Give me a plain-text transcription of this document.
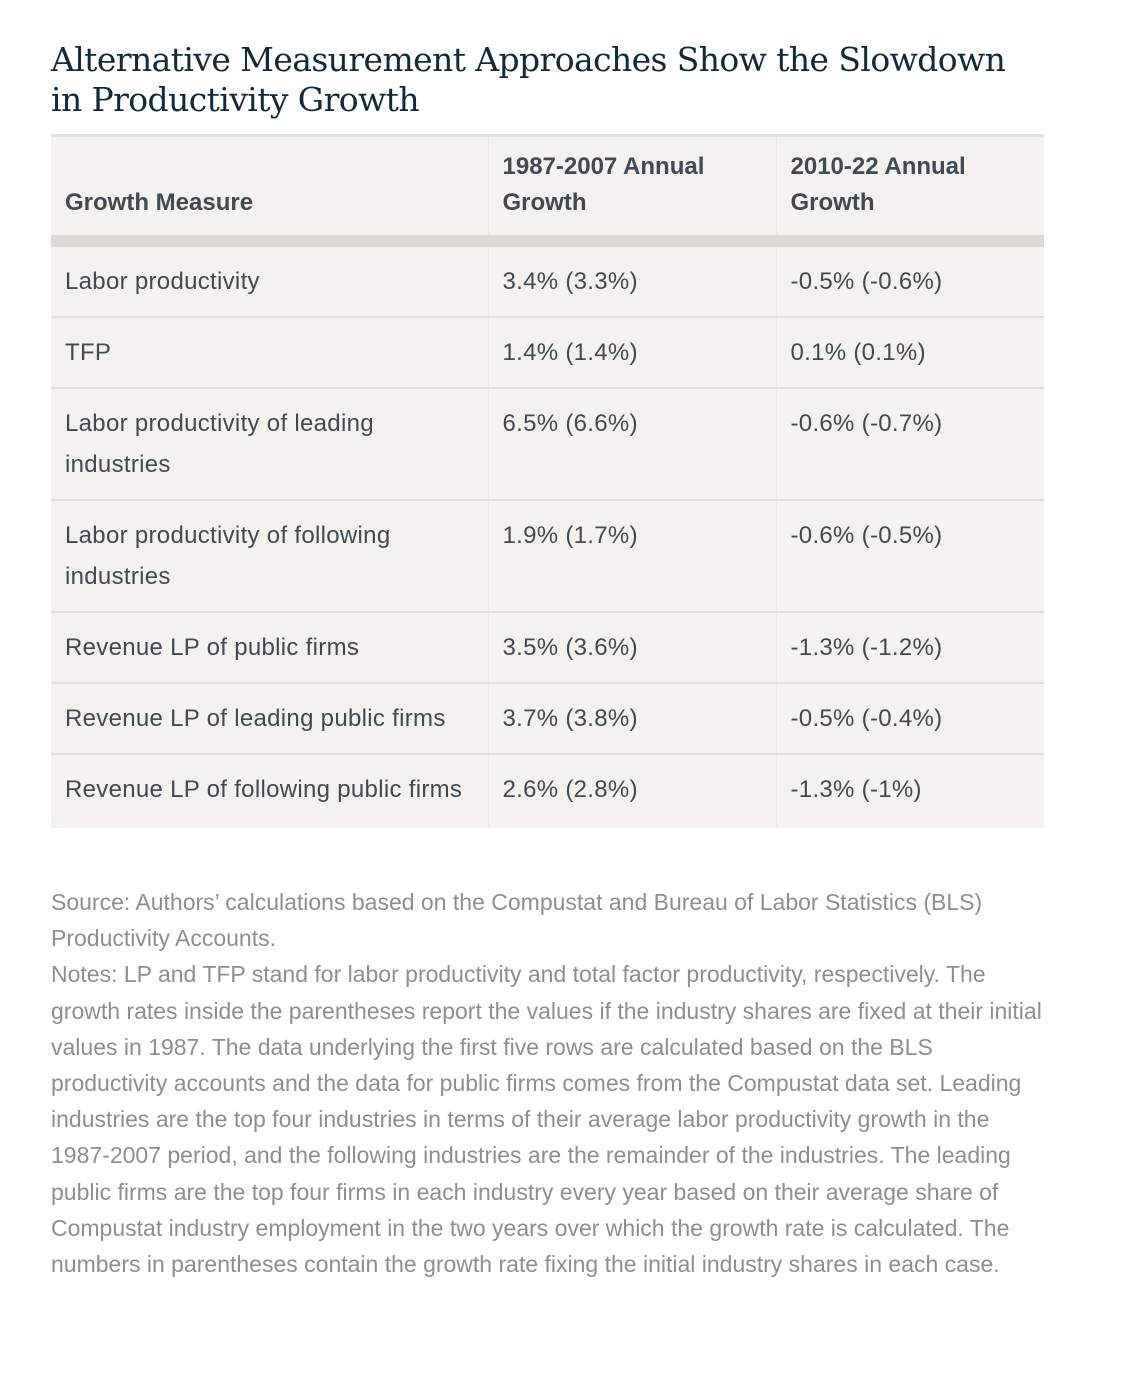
Alternative Measurement Approaches Show the Slowdown in Productivity Growth
Growth Measure	1987-2007 Annual Growth	2010-22 Annual Growth
Labor productivity	3.4% (3.3%)	-0.5% (-0.6%)
TFP	1.4% (1.4%)	0.1% (0.1%)
Labor productivity of leading industries	6.5% (6.6%)	-0.6% (-0.7%)
Labor productivity of following industries	1.9% (1.7%)	-0.6% (-0.5%)
Revenue LP of public firms	3.5% (3.6%)	-1.3% (-1.2%)
Revenue LP of leading public firms	3.7% (3.8%)	-0.5% (-0.4%)
Revenue LP of following public firms	2.6% (2.8%)	-1.3% (-1%)

Source: Authors’ calculations based on the Compustat and Bureau of Labor Statistics (BLS) Productivity Accounts.

Notes: LP and TFP stand for labor productivity and total factor productivity, respectively. The growth rates inside the parentheses report the values if the industry shares are fixed at their initial values in 1987. The data underlying the first five rows are calculated based on the BLS productivity accounts and the data for public firms comes from the Compustat data set. Leading industries are the top four industries in terms of their average labor productivity growth in the 1987-2007 period, and the following industries are the remainder of the industries. The leading public firms are the top four firms in each industry every year based on their average share of Compustat industry employment in the two years over which the growth rate is calculated. The numbers in parentheses contain the growth rate fixing the initial industry shares in each case.
